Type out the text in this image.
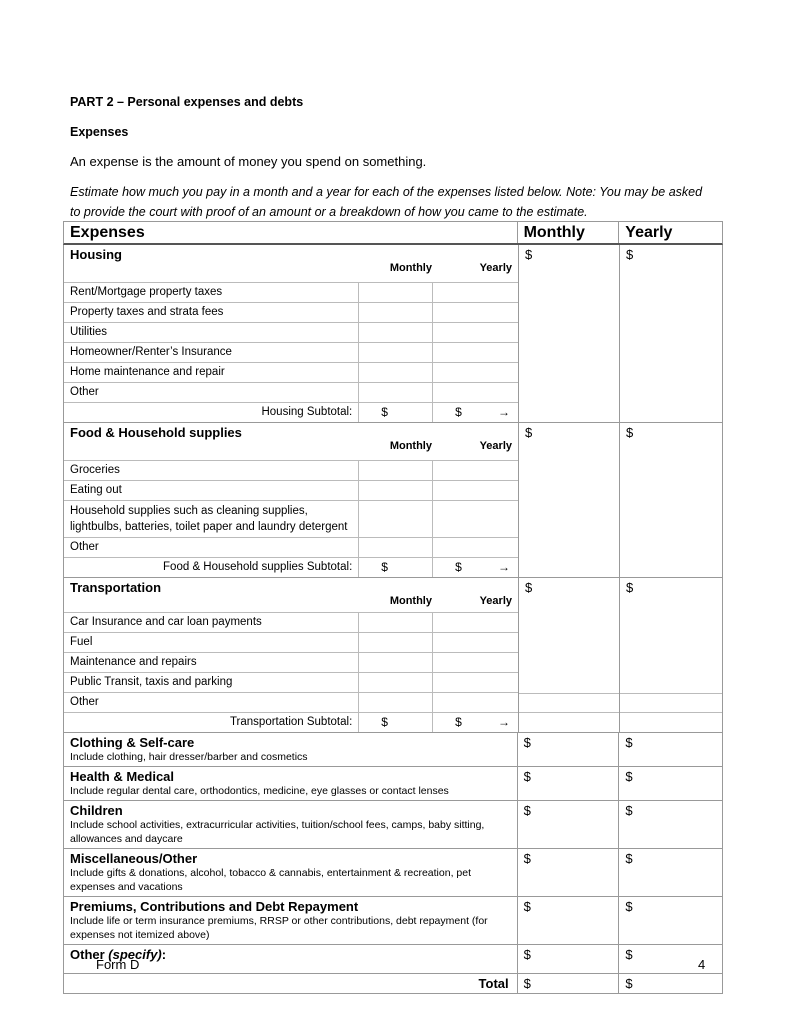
PART 2 – Personal expenses and debts
Expenses
An expense is the amount of money you spend on something.
Estimate how much you pay in a month and a year for each of the expenses listed below. Note: You may be asked to provide the court with proof of an amount or a breakdown of how you came to the estimate.
Expenses	Monthly	Yearly
Housing
Monthly	Yearly
Rent/Mortgage property taxes
Property taxes and strata fees
Utilities
Homeowner/Renter’s Insurance
Home maintenance and repair
Other
Housing Subtotal:	$	$	→
$	$
Food & Household supplies
Monthly	Yearly
Groceries
Eating out
Household supplies such as cleaning supplies, lightbulbs, batteries, toilet paper and laundry detergent
Other
Food & Household supplies Subtotal:	$	$	→
$	$
Transportation
Monthly	Yearly
Car Insurance and car loan payments
Fuel
Maintenance and repairs
Public Transit, taxis and parking
Other
Transportation Subtotal:	$	$	→
$	$
Clothing & Self-care
Include clothing, hair dresser/barber and cosmetics
$	$
Health & Medical
Include regular dental care, orthodontics, medicine, eye glasses or contact lenses
$	$
Children
Include school activities, extracurricular activities, tuition/school fees, camps, baby sitting, allowances and daycare
$	$
Miscellaneous/Other
Include gifts & donations, alcohol, tobacco & cannabis, entertainment & recreation, pet expenses and vacations
$	$
Premiums, Contributions and Debt Repayment
Include life or term insurance premiums, RRSP or other contributions, debt repayment (for expenses not itemized above)
$	$
Other (specify):	$	$
Total	$	$
Form D	4
